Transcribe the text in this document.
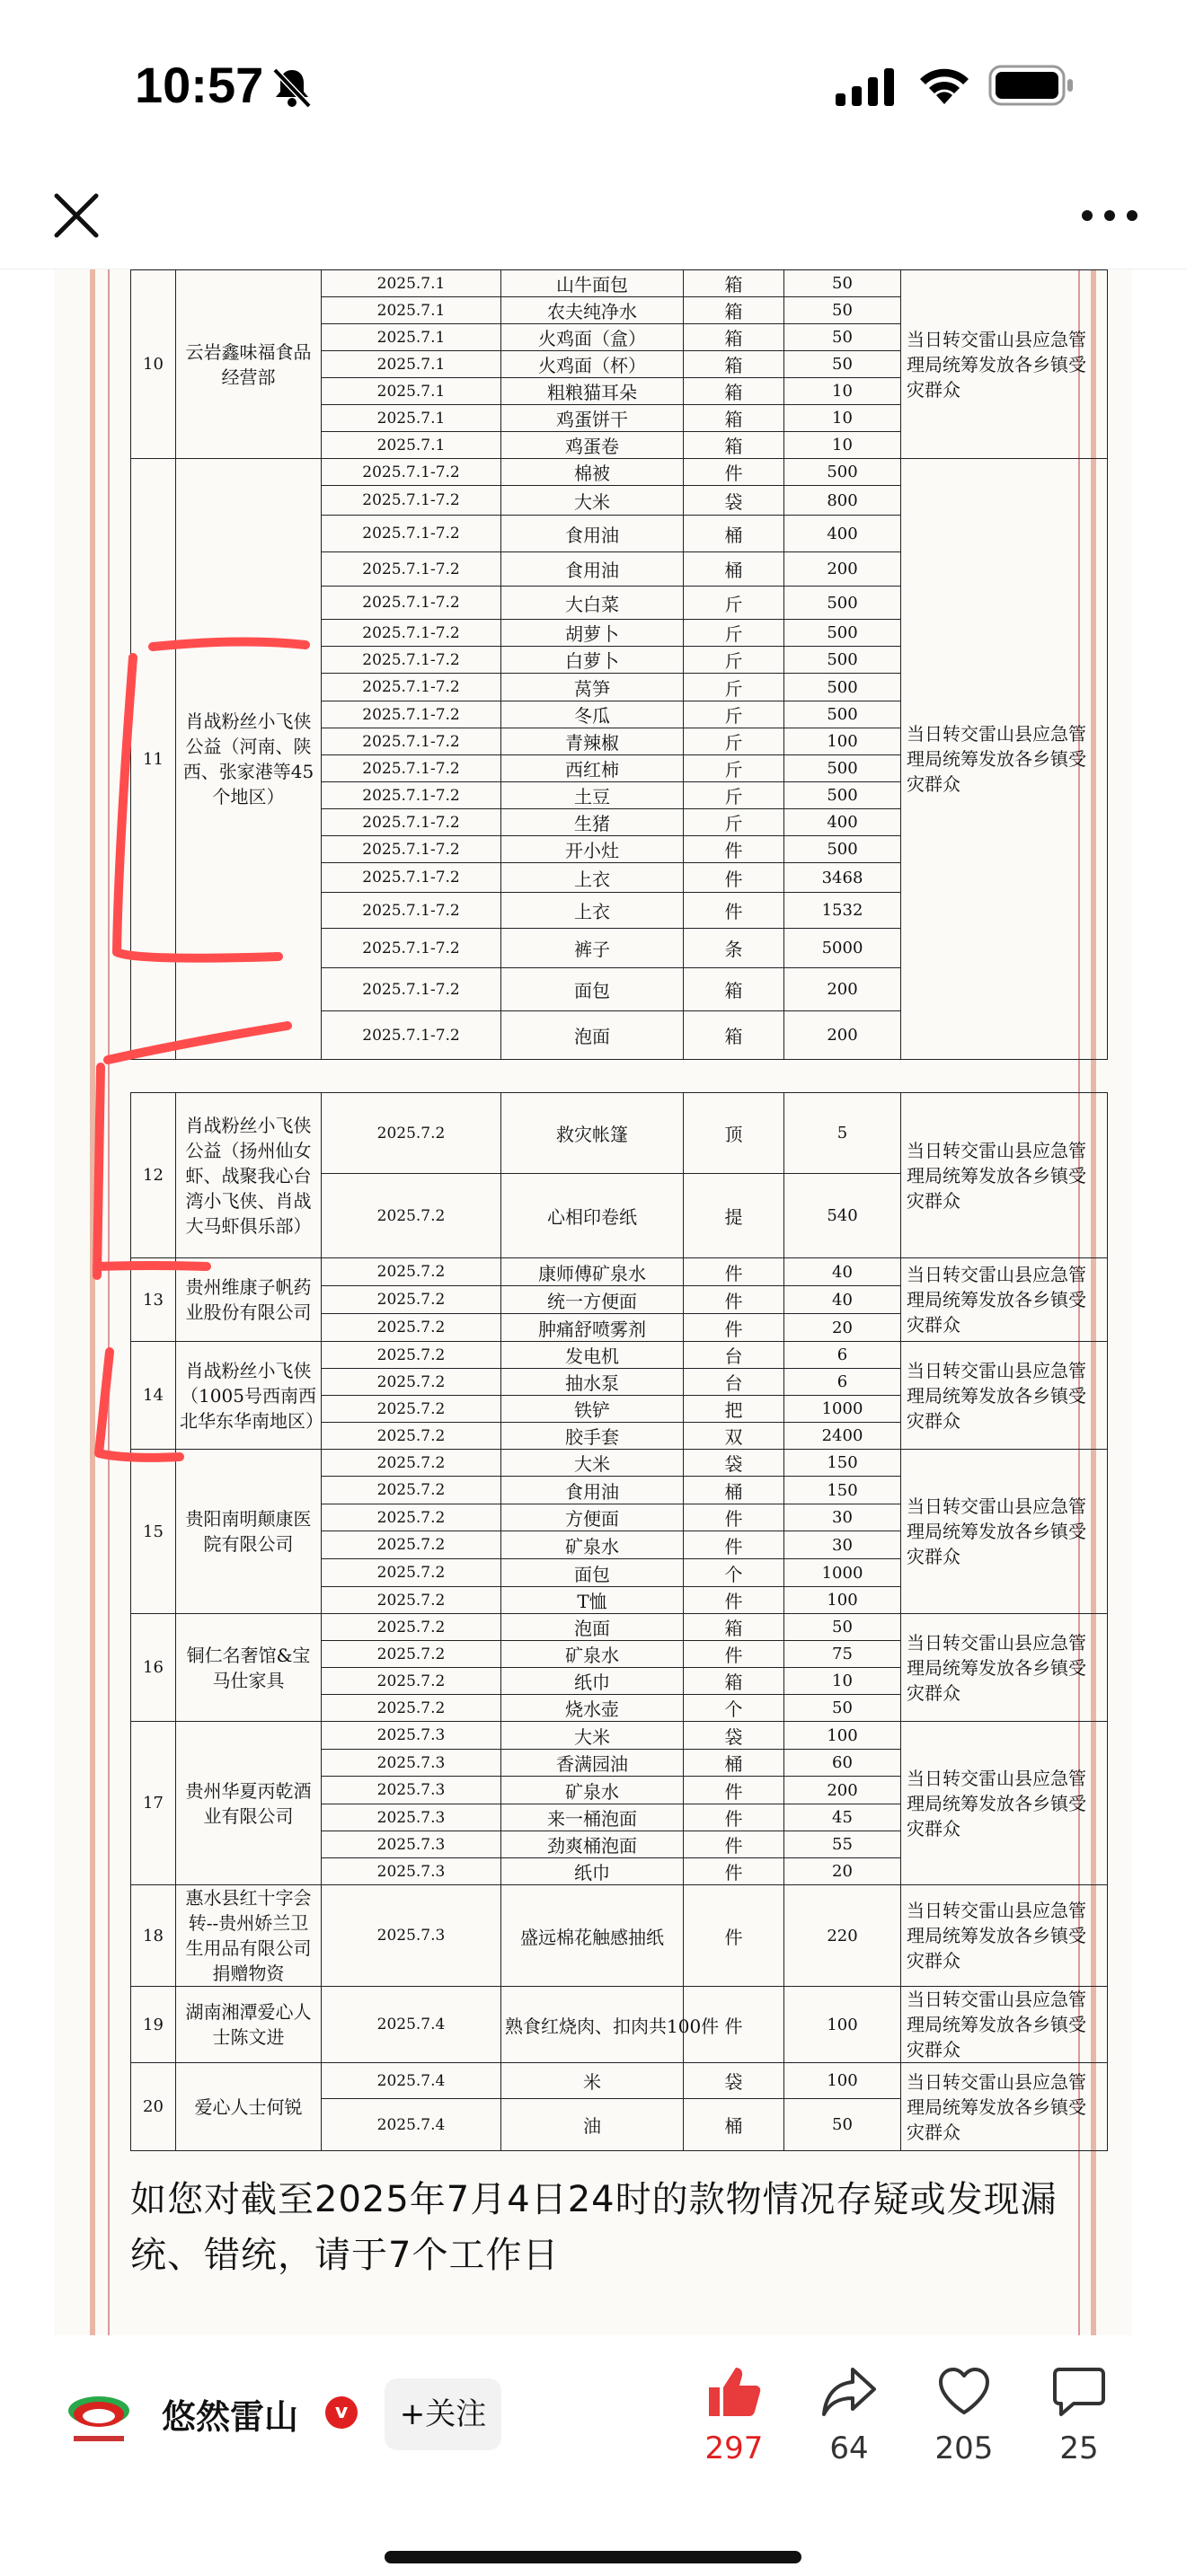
10:57
10	云岩鑫味福食品经营部	2025.7.1	山牛面包	箱	50	当日转交雷山县应急管理局统筹发放各乡镇受灾群众
		2025.7.1	农夫纯净水	箱	50	
		2025.7.1	火鸡面（盒）	箱	50	
		2025.7.1	火鸡面（杯）	箱	50	
		2025.7.1	粗粮猫耳朵	箱	10	
		2025.7.1	鸡蛋饼干	箱	10	
		2025.7.1	鸡蛋卷	箱	10	
11	肖战粉丝小飞侠公益（河南、陕西、张家港等45个地区）	2025.7.1-7.2	棉被	件	500	当日转交雷山县应急管理局统筹发放各乡镇受灾群众
		2025.7.1-7.2	大米	袋	800	
		2025.7.1-7.2	食用油	桶	400	
		2025.7.1-7.2	食用油	桶	200	
		2025.7.1-7.2	大白菜	斤	500	
		2025.7.1-7.2	胡萝卜	斤	500	
		2025.7.1-7.2	白萝卜	斤	500	
		2025.7.1-7.2	莴笋	斤	500	
		2025.7.1-7.2	冬瓜	斤	500	
		2025.7.1-7.2	青辣椒	斤	100	
		2025.7.1-7.2	西红柿	斤	500	
		2025.7.1-7.2	土豆	斤	500	
		2025.7.1-7.2	生猪	斤	400	
		2025.7.1-7.2	开小灶	件	500	
		2025.7.1-7.2	上衣	件	3468	
		2025.7.1-7.2	上衣	件	1532	
		2025.7.1-7.2	裤子	条	5000	
		2025.7.1-7.2	面包	箱	200	
		2025.7.1-7.2	泡面	箱	200	
12	肖战粉丝小飞侠公益（扬州仙女虾、战聚我心台湾小飞侠、肖战大马虾俱乐部）	2025.7.2	救灾帐篷	顶	5	当日转交雷山县应急管理局统筹发放各乡镇受灾群众
		2025.7.2	心相印卷纸	提	540	
13	贵州维康子帆药业股份有限公司	2025.7.2	康师傅矿泉水	件	40	当日转交雷山县应急管理局统筹发放各乡镇受灾群众
		2025.7.2	统一方便面	件	40	
		2025.7.2	肿痛舒喷雾剂	件	20	
14	肖战粉丝小飞侠（1005号西南西北华东华南地区）	2025.7.2	发电机	台	6	当日转交雷山县应急管理局统筹发放各乡镇受灾群众
		2025.7.2	抽水泵	台	6	
		2025.7.2	铁铲	把	1000	
		2025.7.2	胶手套	双	2400	
15	贵阳南明颠康医院有限公司	2025.7.2	大米	袋	150	当日转交雷山县应急管理局统筹发放各乡镇受灾群众
		2025.7.2	食用油	桶	150	
		2025.7.2	方便面	件	30	
		2025.7.2	矿泉水	件	30	
		2025.7.2	面包	个	1000	
		2025.7.2	T恤	件	100	
16	铜仁名奢馆&宝马仕家具	2025.7.2	泡面	箱	50	当日转交雷山县应急管理局统筹发放各乡镇受灾群众
		2025.7.2	矿泉水	件	75	
		2025.7.2	纸巾	箱	10	
		2025.7.2	烧水壶	个	50	
17	贵州华夏丙乾酒业有限公司	2025.7.3	大米	袋	100	当日转交雷山县应急管理局统筹发放各乡镇受灾群众
		2025.7.3	香满园油	桶	60	
		2025.7.3	矿泉水	件	200	
		2025.7.3	来一桶泡面	件	45	
		2025.7.3	劲爽桶泡面	件	55	
		2025.7.3	纸巾	件	20	
18	惠水县红十字会转--贵州娇兰卫生用品有限公司捐赠物资	2025.7.3	盛远棉花触感抽纸	件	220	当日转交雷山县应急管理局统筹发放各乡镇受灾群众
19	湖南湘潭爱心人士陈文进	2025.7.4	熟食红烧肉、扣肉共100件	件	100	当日转交雷山县应急管理局统筹发放各乡镇受灾群众
20	爱心人士何锐	2025.7.4	米	袋	100	当日转交雷山县应急管理局统筹发放各乡镇受灾群众
		2025.7.4	油	桶	50	
如您对截至2025年7月4日24时的款物情况存疑或发现漏统、错统，请于7个工作日
悠然雷山	v	+关注
297	64	205	25
